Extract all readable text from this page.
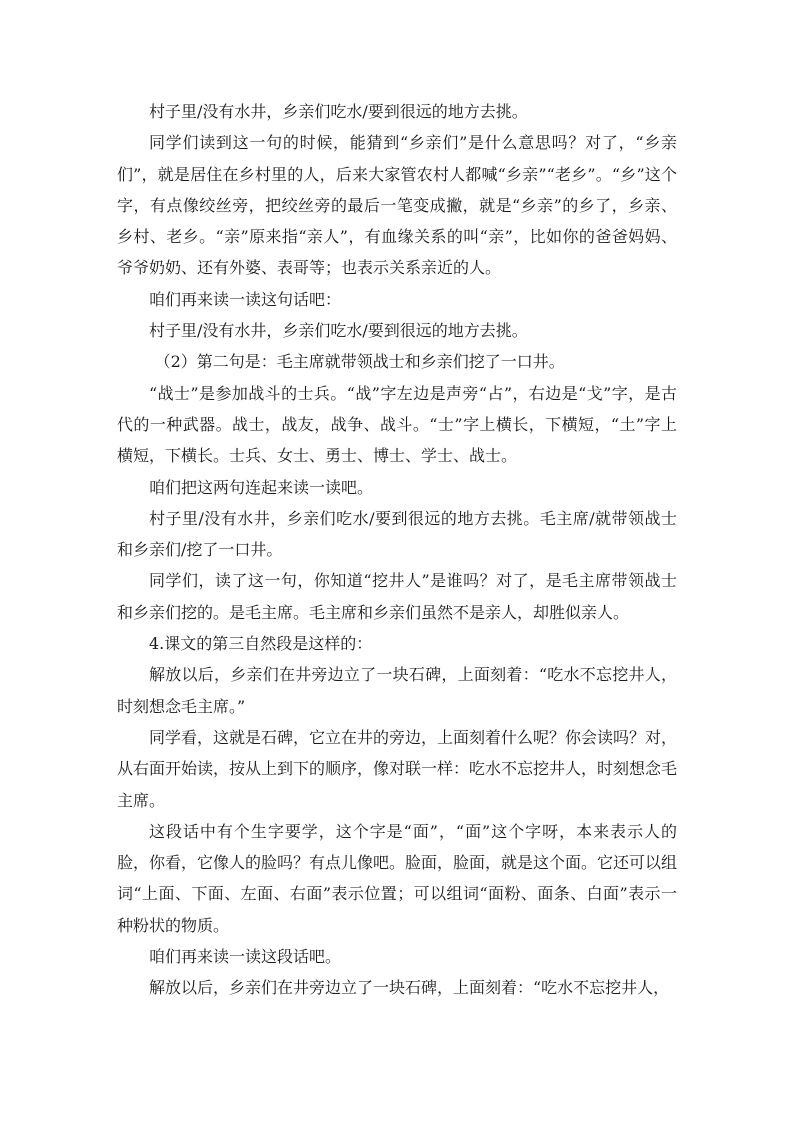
村子里/没有水井，乡亲们吃水/要到很远的地方去挑。

同学们读到这一句的时候，能猜到“乡亲们”是什么意思吗？对了，“乡亲们”，就是居住在乡村里的人，后来大家管农村人都喊“乡亲”“老乡”。“乡”这个字，有点像绞丝旁，把绞丝旁的最后一笔变成撇，就是“乡亲”的乡了，乡亲、乡村、老乡。“亲”原来指“亲人”，有血缘关系的叫“亲”，比如你的爸爸妈妈、爷爷奶奶、还有外婆、表哥等；也表示关系亲近的人。

咱们再来读一读这句话吧：

村子里/没有水井，乡亲们吃水/要到很远的地方去挑。

（2）第二句是：毛主席就带领战士和乡亲们挖了一口井。

“战士”是参加战斗的士兵。“战”字左边是声旁“占”，右边是“戈”字，是古代的一种武器。战士，战友，战争、战斗。“士”字上横长，下横短，“土”字上横短，下横长。士兵、女士、勇士、博士、学士、战士。

咱们把这两句连起来读一读吧。

村子里/没有水井，乡亲们吃水/要到很远的地方去挑。毛主席/就带领战士和乡亲们/挖了一口井。

同学们，读了这一句，你知道“挖井人”是谁吗？对了，是毛主席带领战士和乡亲们挖的。是毛主席。毛主席和乡亲们虽然不是亲人，却胜似亲人。

4.课文的第三自然段是这样的：

解放以后，乡亲们在井旁边立了一块石碑，上面刻着：“吃水不忘挖井人，时刻想念毛主席。”

同学看，这就是石碑，它立在井的旁边，上面刻着什么呢？你会读吗？对，从右面开始读，按从上到下的顺序，像对联一样：吃水不忘挖井人，时刻想念毛主席。

这段话中有个生字要学，这个字是“面”，“面”这个字呀，本来表示人的脸，你看，它像人的脸吗？有点儿像吧。脸面，脸面，就是这个面。它还可以组词“上面、下面、左面、右面”表示位置；可以组词“面粉、面条、白面”表示一种粉状的物质。

咱们再来读一读这段话吧。

解放以后，乡亲们在井旁边立了一块石碑，上面刻着：“吃水不忘挖井人，
